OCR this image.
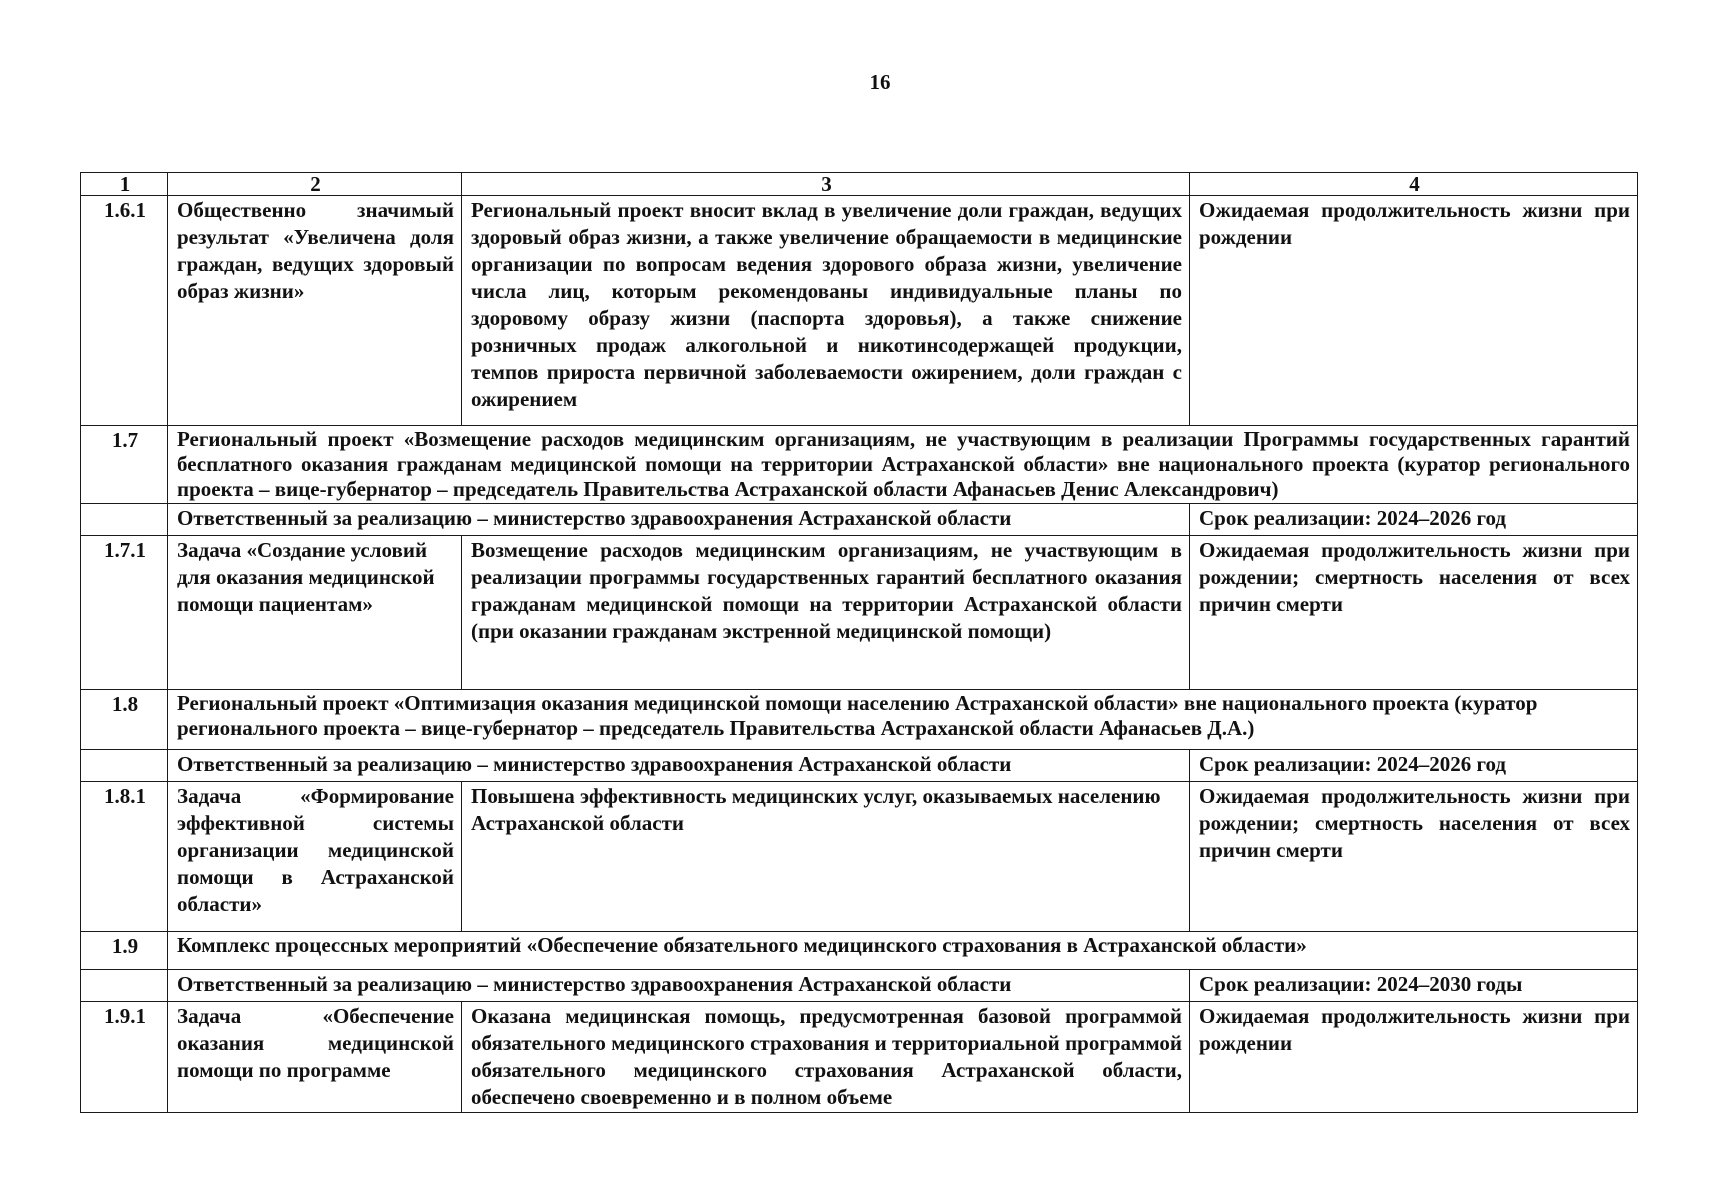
16
1	2	3	4
1.6.1	Общественно значимый результат «Увеличена доля граждан, ведущих здоровый образ жизни»	Региональный проект вносит вклад в увеличение доли граждан, ведущих здоровый образ жизни, а также увеличение обращаемости в медицинские организации по вопросам ведения здорового образа жизни, увеличение числа лиц, которым рекомендованы индивидуальные планы по здоровому образу жизни (паспорта здоровья), а также снижение розничных продаж алкогольной и никотинсодержащей продукции, темпов прироста первичной заболеваемости ожирением, доли граждан с ожирением	Ожидаемая продолжительность жизни при рождении
1.7	Региональный проект «Возмещение расходов медицинским организациям, не участвующим в реализации Программы государственных гарантий бесплатного оказания гражданам медицинской помощи на территории Астраханской области» вне национального проекта (куратор регионального проекта – вице-губернатор – председатель Правительства Астраханской области Афанасьев Денис Александрович)		
	Ответственный за реализацию – министерство здравоохранения Астраханской области		Срок реализации: 2024–2026 год
1.7.1	Задача «Создание условий для оказания медицинской помощи пациентам»	Возмещение расходов медицинским организациям, не участвующим в реализации программы государственных гарантий бесплатного оказания гражданам медицинской помощи на территории Астраханской области (при оказании гражданам экстренной медицинской помощи)	Ожидаемая продолжительность жизни при рождении; смертность населения от всех причин смерти
1.8	Региональный проект «Оптимизация оказания медицинской помощи населению Астраханской области» вне национального проекта (куратор регионального проекта – вице-губернатор – председатель Правительства Астраханской области Афанасьев Д.А.)		
	Ответственный за реализацию – министерство здравоохранения Астраханской области		Срок реализации: 2024–2026 год
1.8.1	Задача «Формирование эффективной системы организации медицинской помощи в Астраханской области»	Повышена эффективность медицинских услуг, оказываемых населению Астраханской области	Ожидаемая продолжительность жизни при рождении; смертность населения от всех причин смерти
1.9	Комплекс процессных мероприятий «Обеспечение обязательного медицинского страхования в Астраханской области»		
	Ответственный за реализацию – министерство здравоохранения Астраханской области		Срок реализации: 2024–2030 годы
1.9.1	Задача «Обеспечение оказания медицинской помощи по программе	Оказана медицинская помощь, предусмотренная базовой программой обязательного медицинского страхования и территориальной программой обязательного медицинского страхования Астраханской области, обеспечено своевременно и в полном объеме	Ожидаемая продолжительность жизни при рождении
